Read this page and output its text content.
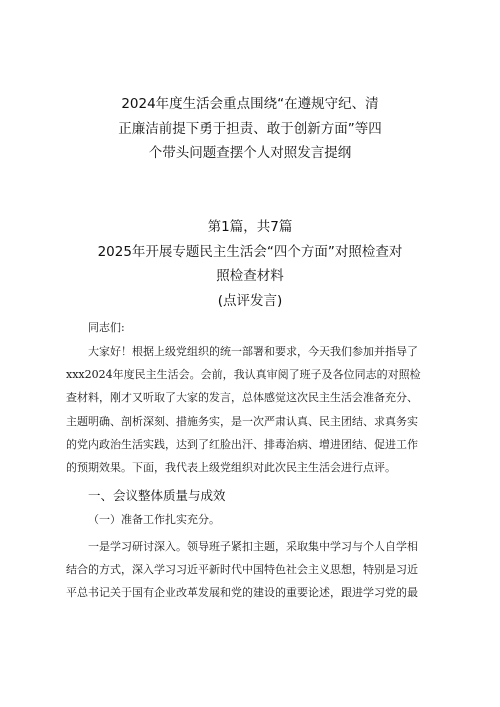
2024年度生活会重点围绕“在遵规守纪、清
正廉洁前提下勇于担责、敢于创新方面”等四
个带头问题查摆个人对照发言提纲
第1篇，共7篇
2025年开展专题民主生活会“四个方面”对照检查对
照检查材料
(点评发言)
同志们:
大家好！根据上级党组织的统一部署和要求，今天我们参加并指导了
xxx2024年度民主生活会。会前，我认真审阅了班子及各位同志的对照检
查材料，刚才又听取了大家的发言，总体感觉这次民主生活会准备充分、
主题明确、剖析深刻、措施务实，是一次严肃认真、民主团结、求真务实
的党内政治生活实践，达到了红脸出汗、排毒治病、增进团结、促进工作
的预期效果。下面，我代表上级党组织对此次民主生活会进行点评。
一、会议整体质量与成效
（一）准备工作扎实充分。
一是学习研讨深入。领导班子紧扣主题，采取集中学习与个人自学相
结合的方式，深入学习习近平新时代中国特色社会主义思想，特别是习近
平总书记关于国有企业改革发展和党的建设的重要论述，跟进学习党的最
